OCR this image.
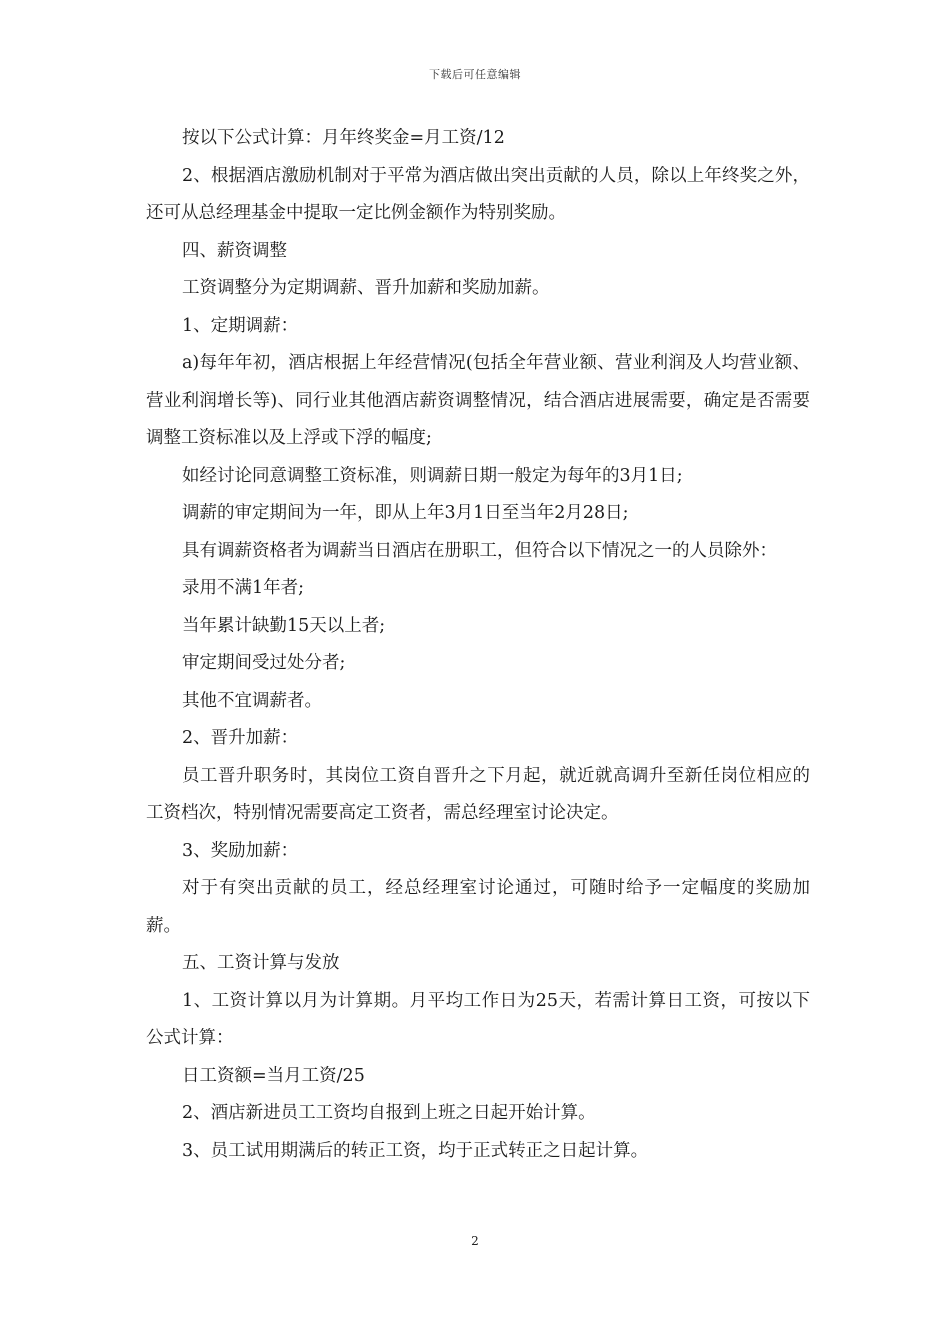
下载后可任意编辑

按以下公式计算：月年终奖金=月工资/12

2、根据酒店激励机制对于平常为酒店做出突出贡献的人员，除以上年终奖之外，还可从总经理基金中提取一定比例金额作为特别奖励。

四、薪资调整

工资调整分为定期调薪、晋升加薪和奖励加薪。

1、定期调薪：

a)每年年初，酒店根据上年经营情况(包括全年营业额、营业利润及人均营业额、营业利润增长等)、同行业其他酒店薪资调整情况，结合酒店进展需要，确定是否需要调整工资标准以及上浮或下浮的幅度;

如经讨论同意调整工资标准，则调薪日期一般定为每年的3月1日;

调薪的审定期间为一年，即从上年3月1日至当年2月28日;

具有调薪资格者为调薪当日酒店在册职工，但符合以下情况之一的人员除外：

录用不满1年者;

当年累计缺勤15天以上者;

审定期间受过处分者;

其他不宜调薪者。

2、晋升加薪：

员工晋升职务时，其岗位工资自晋升之下月起，就近就高调升至新任岗位相应的工资档次，特别情况需要高定工资者，需总经理室讨论决定。

3、奖励加薪：

对于有突出贡献的员工，经总经理室讨论通过，可随时给予一定幅度的奖励加薪。

五、工资计算与发放

1、工资计算以月为计算期。月平均工作日为25天，若需计算日工资，可按以下公式计算：

日工资额=当月工资/25

2、酒店新进员工工资均自报到上班之日起开始计算。

3、员工试用期满后的转正工资，均于正式转正之日起计算。

2
